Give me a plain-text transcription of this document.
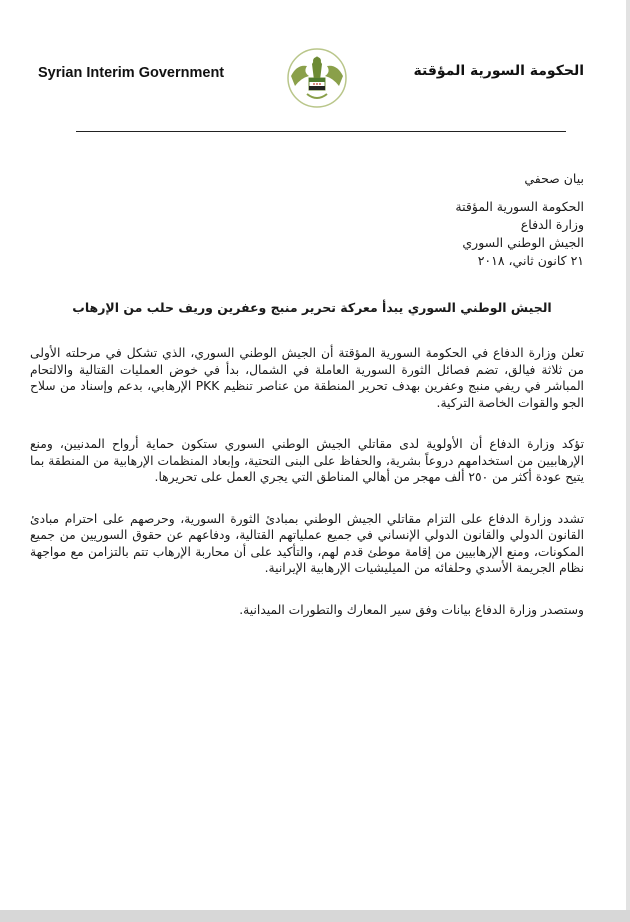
Syrian Interim Government	الحكومة السورية المؤقتة

بيان صحفي

الحكومة السورية المؤقتة

وزارة الدفاع

الجيش الوطني السوري

٢١ كانون ثاني، ٢٠١٨

الجيش الوطني السوري يبدأ معركة تحرير منبج وعفرين وريف حلب من الإرهاب

تعلن وزارة الدفاع في الحكومة السورية المؤقتة أن الجيش الوطني السوري، الذي تشكل في مرحلته الأولى من ثلاثة فيالق، تضم فصائل الثورة السورية العاملة في الشمال، بدأ في خوض العمليات القتالية والالتحام المباشر في ريفي منبج وعفرين بهدف تحرير المنطقة من عناصر تنظيم PKK الإرهابي، بدعم وإسناد من سلاح الجو والقوات الخاصة التركية.

تؤكد وزارة الدفاع أن الأولوية لدى مقاتلي الجيش الوطني السوري ستكون حماية أرواح المدنيين، ومنع الإرهابيين من استخدامهم دروعاً بشرية، والحفاظ على البنى التحتية، وإبعاد المنظمات الإرهابية من المنطقة بما يتيح عودة أكثر من ٢٥٠ ألف مهجر من أهالي المناطق التي يجري العمل على تحريرها.

تشدد وزارة الدفاع على التزام مقاتلي الجيش الوطني بمبادئ الثورة السورية، وحرصهم على احترام مبادئ القانون الدولي والقانون الدولي الإنساني في جميع عملياتهم القتالية، ودفاعهم عن حقوق السوريين من جميع المكونات، ومنع الإرهابيين من إقامة موطئ قدم لهم، والتأكيد على أن محاربة الإرهاب تتم بالتزامن مع مواجهة نظام الجريمة الأسدي وحلفائه من الميليشيات الإرهابية الإيرانية.

وستصدر وزارة الدفاع بيانات وفق سير المعارك والتطورات الميدانية.
